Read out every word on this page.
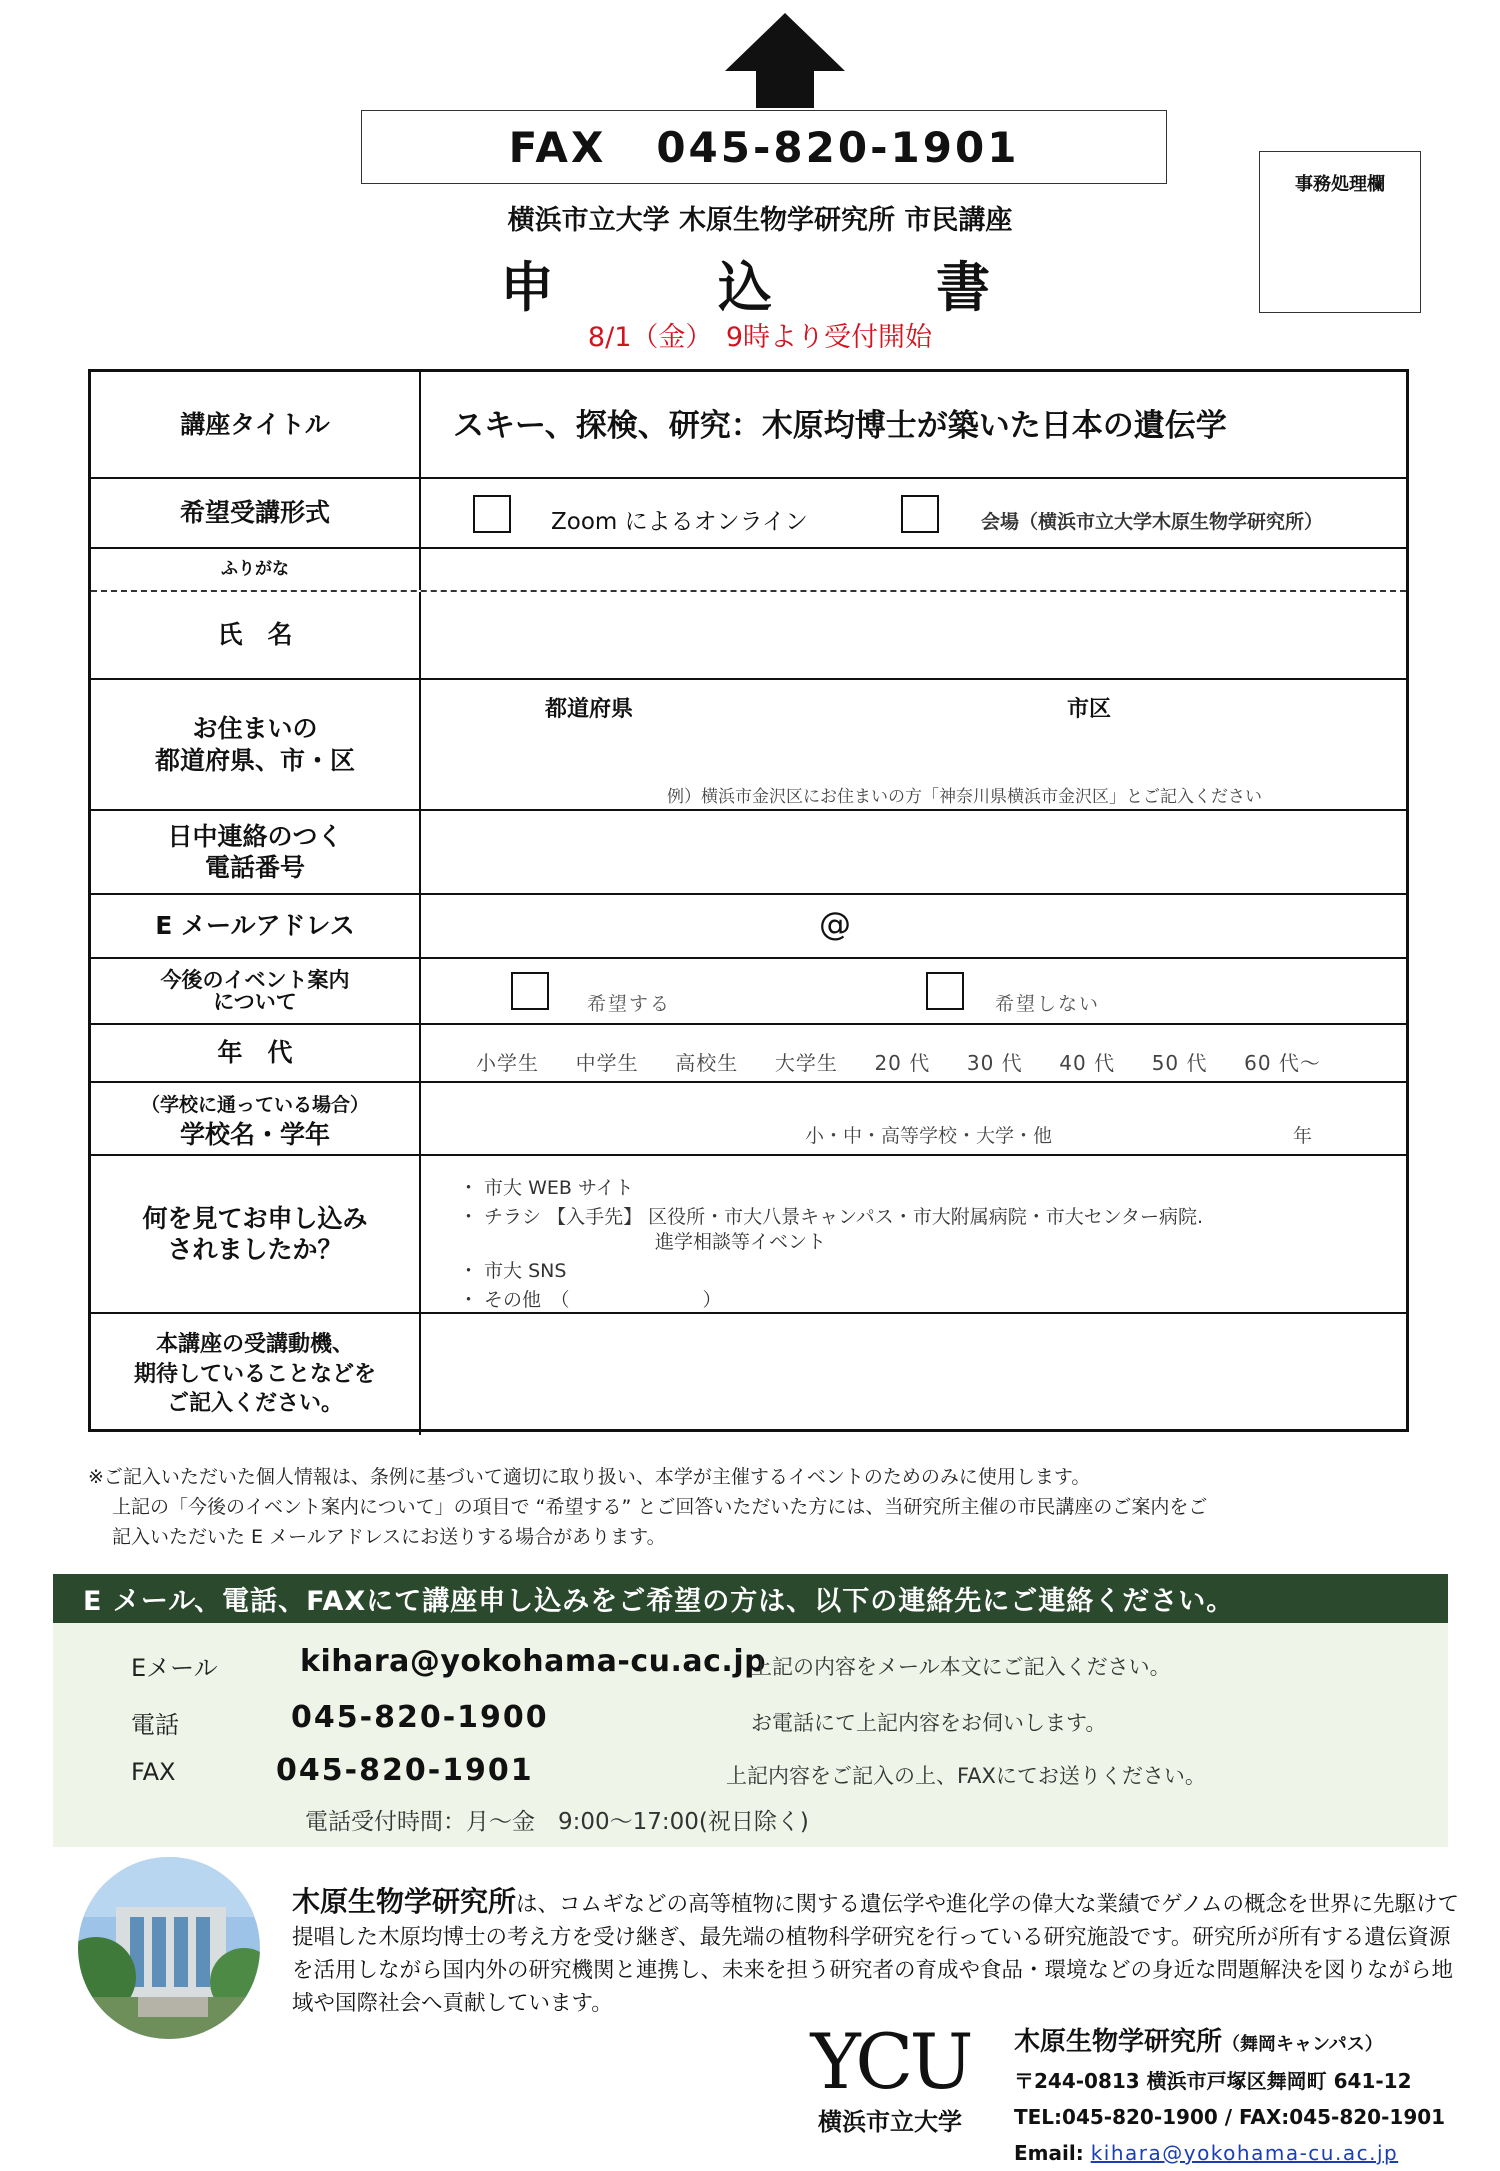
FAX 045-820-1901
事務処理欄
横浜市立大学 木原生物学研究所 市民講座
申	込	書
8/1（金）　9時より受付開始
講座タイトル	スキー、探検、研究：木原均博士が築いた日本の遺伝学
希望受講形式	Zoom によるオンライン	会場（横浜市立大学木原生物学研究所）
ふりがな
氏　名
お住まいの
都道府県、市・区
都道府県	市区
例）横浜市金沢区にお住まいの方「神奈川県横浜市金沢区」とご記入ください
日中連絡のつく
電話番号
E メールアドレス	@
今後のイベント案内
について	希望する	希望しない
年　代	小学生 中学生 高校生 大学生 20 代 30 代 40 代 50 代 60 代〜
（学校に通っている場合）
学校名・学年	小・中・高等学校・大学・他	年
何を見てお申し込み
されましたか？
・ 市大 WEB サイト
・ チラシ 【入手先】 区役所・市大八景キャンパス・市大附属病院・市大センター病院.
　　　　　　　　　　 進学相談等イベント
・ 市大 SNS
・ その他　（　　　　　　　）
本講座の受講動機、
期待していることなどを
ご記入ください。
※ご記入いただいた個人情報は、条例に基づいて適切に取り扱い、本学が主催するイベントのためのみに使用します。
上記の「今後のイベント案内について」の項目で “希望する” とご回答いただいた方には、当研究所主催の市民講座のご案内をご
記入いただいた E メールアドレスにお送りする場合があります。
E メール、電話、FAXにて講座申し込みをご希望の方は、以下の連絡先にご連絡ください。
Eメール	kihara@yokohama-cu.ac.jp
上記の内容をメール本文にご記入ください。
電話	045-820-1900	お電話にて上記内容をお伺いします。
FAX	045-820-1901	上記内容をご記入の上、FAXにてお送りください。
電話受付時間：月〜金　9:00〜17:00(祝日除く)
木原生物学研究所は、コムギなどの高等植物に関する遺伝学や進化学の偉大な業績でゲノムの概念を世界に先駆けて提唱した木原均博士の考え方を受け継ぎ、最先端の植物科学研究を行っている研究施設です。研究所が所有する遺伝資源を活用しながら国内外の研究機関と連携し、未来を担う研究者の育成や食品・環境などの身近な問題解決を図りながら地域や国際社会へ貢献しています。
YCU
横浜市立大学
木原生物学研究所（舞岡キャンパス）
〒244-0813 横浜市戸塚区舞岡町 641-12
TEL:045-820-1900 / FAX:045-820-1901
Email: kihara@yokohama-cu.ac.jp
